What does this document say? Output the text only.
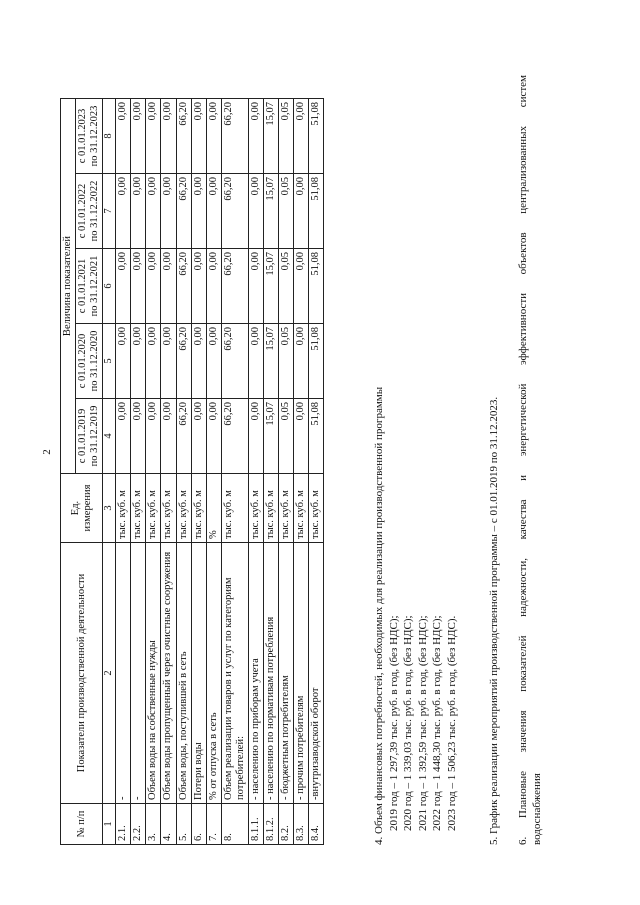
2
№ п/п	Показатели производственной деятельности	Ед. измерения	Величина показателей				
			с 01.01.2019 по 31.12.2019	с 01.01.2020 по 31.12.2020	с 01.01.2021 по 31.12.2021	с 01.01.2022 по 31.12.2022	с 01.01.2023 по 31.12.2023
1	2	3	4	5	6	7	8
2.1.	-	тыс. куб. м	0,00	0,00	0,00	0,00	0,00
2.2.	-	тыс. куб. м	0,00	0,00	0,00	0,00	0,00
3.	Объем воды на собственные нужды	тыс. куб. м	0,00	0,00	0,00	0,00	0,00
4.	Объем воды пропущенный через очистные сооружения	тыс. куб. м	0,00	0,00	0,00	0,00	0,00
5.	Объем воды, поступившей в сеть	тыс. куб. м	66,20	66,20	66,20	66,20	66,20
6.	Потери воды	тыс. куб. м	0,00	0,00	0,00	0,00	0,00
7.	% от отпуска в сеть	%	0,00	0,00	0,00	0,00	0,00
8.	Объем реализации товаров и услуг по категориям потребителей:	тыс. куб. м	66,20	66,20	66,20	66,20	66,20
8.1.1.	- населению по приборам учета	тыс. куб. м	0,00	0,00	0,00	0,00	0,00
8.1.2.	- населению по нормативам потребления	тыс. куб. м	15,07	15,07	15,07	15,07	15,07
8.2.	- бюджетным потребителям	тыс. куб. м	0,05	0,05	0,05	0,05	0,05
8.3.	- прочим потребителям	тыс. куб. м	0,00	0,00	0,00	0,00	0,00
8.4.	-внутризаводской оборот	тыс. куб. м	51,08	51,08	51,08	51,08	51,08

4. Объем финансовых потребностей, необходимых для реализации производственной программы 2019 год – 1 297,39 тыс. руб. в год, (без НДС); 2020 год – 1 339,03 тыс. руб. в год, (без НДС); 2021 год – 1 392,59 тыс. руб. в год, (без НДС); 2022 год – 1 448,30 тыс. руб. в год, (без НДС); 2023 год – 1 506,23 тыс. руб. в год, (без НДС).	5. График реализации мероприятий производственной программы – с 01.01.2019 по 31.12.2023. 6. Плановые значения показателей надежности, качества и энергетической эффективности объектов централизованных систем водоснабжения
